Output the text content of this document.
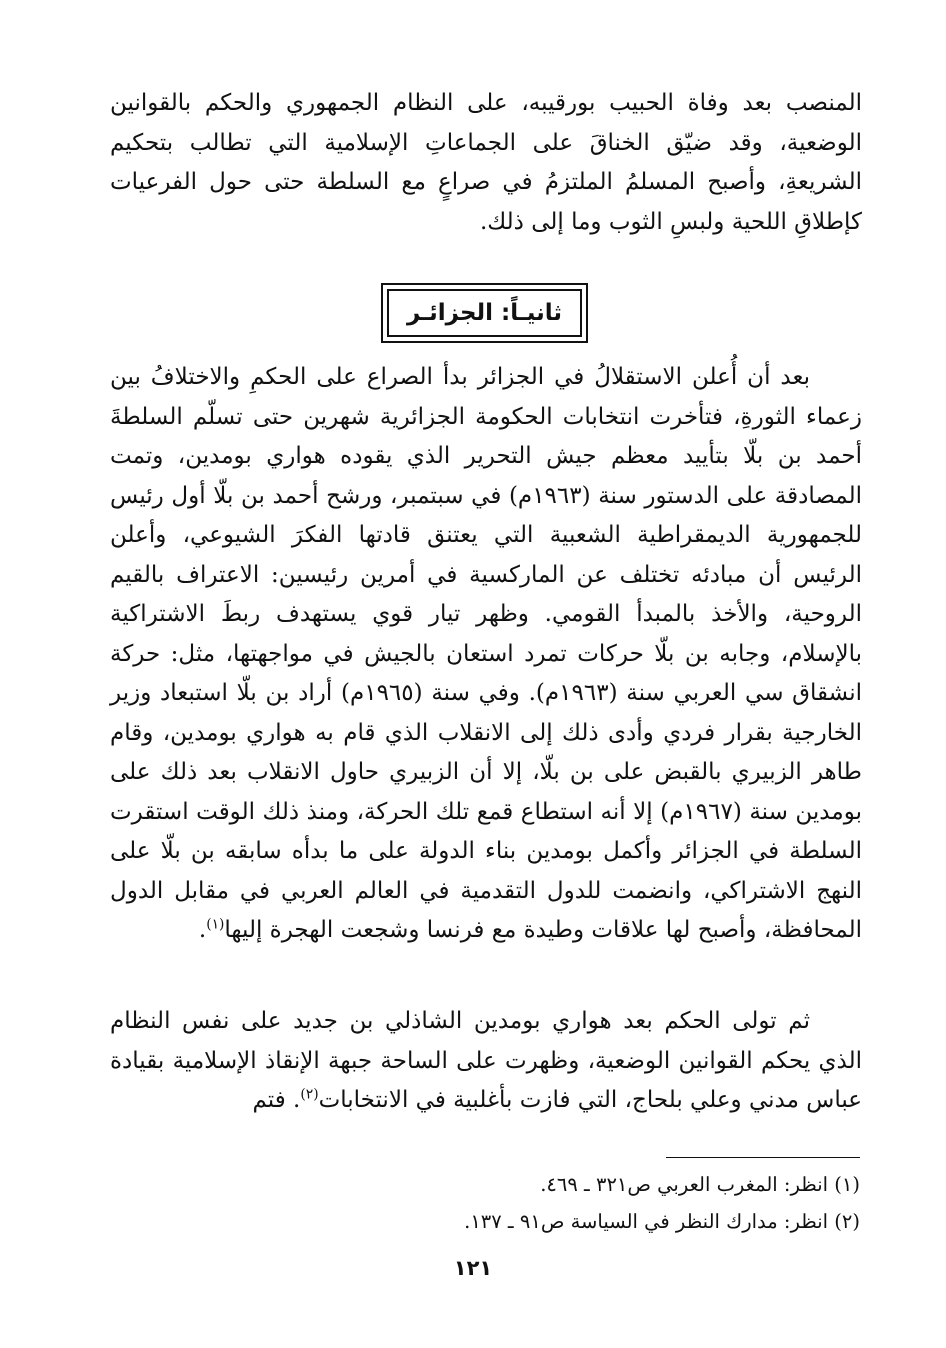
المنصب بعد وفاة الحبيب بورقيبه، على النظام الجمهوري والحكم بالقوانين الوضعية، وقد ضيّق الخناقَ على الجماعاتِ الإسلامية التي تطالب بتحكيم الشريعةِ، وأصبح المسلمُ الملتزمُ في صراعٍ مع السلطة حتى حول الفرعيات كإطلاقِ اللحية ولبسِ الثوب وما إلى ذلك.

ثانيـاً: الجزائـر

بعد أن أُعلن الاستقلالُ في الجزائر بدأ الصراع على الحكمِ والاختلافُ بين زعماء الثورةِ، فتأخرت انتخابات الحكومة الجزائرية شهرين حتى تسلّم السلطةَ أحمد بن بلّا بتأييد معظم جيش التحرير الذي يقوده هواري بومدين، وتمت المصادقة على الدستور سنة (١٩٦٣م) في سبتمبر، ورشح أحمد بن بلّا أول رئيس للجمهورية الديمقراطية الشعبية التي يعتنق قادتها الفكرَ الشيوعي، وأعلن الرئيس أن مبادئه تختلف عن الماركسية في أمرين رئيسين: الاعتراف بالقيم الروحية، والأخذ بالمبدأ القومي. وظهر تيار قوي يستهدف ربطَ الاشتراكية بالإسلام، وجابه بن بلّا حركات تمرد استعان بالجيش في مواجهتها، مثل: حركة انشقاق سي العربي سنة (١٩٦٣م). وفي سنة (١٩٦٥م) أراد بن بلّا استبعاد وزير الخارجية بقرار فردي وأدى ذلك إلى الانقلاب الذي قام به هواري بومدين، وقام طاهر الزبيري بالقبض على بن بلّا، إلا أن الزبيري حاول الانقلاب بعد ذلك على بومدين سنة (١٩٦٧م) إلا أنه استطاع قمع تلك الحركة، ومنذ ذلك الوقت استقرت السلطة في الجزائر وأكمل بومدين بناء الدولة على ما بدأه سابقه بن بلّا على النهج الاشتراكي، وانضمت للدول التقدمية في العالم العربي في مقابل الدول المحافظة، وأصبح لها علاقات وطيدة مع فرنسا وشجعت الهجرة إليها$^{(١)}$.

ثم تولى الحكم بعد هواري بومدين الشاذلي بن جديد على نفس النظام الذي يحكم القوانين الوضعية، وظهرت على الساحة جبهة الإنقاذ الإسلامية بقيادة عباس مدني وعلي بلحاج، التي فازت بأغلبية في الانتخابات$^{(٢)}$. فتم

(١) انظر: المغرب العربي ص٣٢١ ـ ٤٦٩.
(٢) انظر: مدارك النظر في السياسة ص٩١ ـ ١٣٧.
١٢١
